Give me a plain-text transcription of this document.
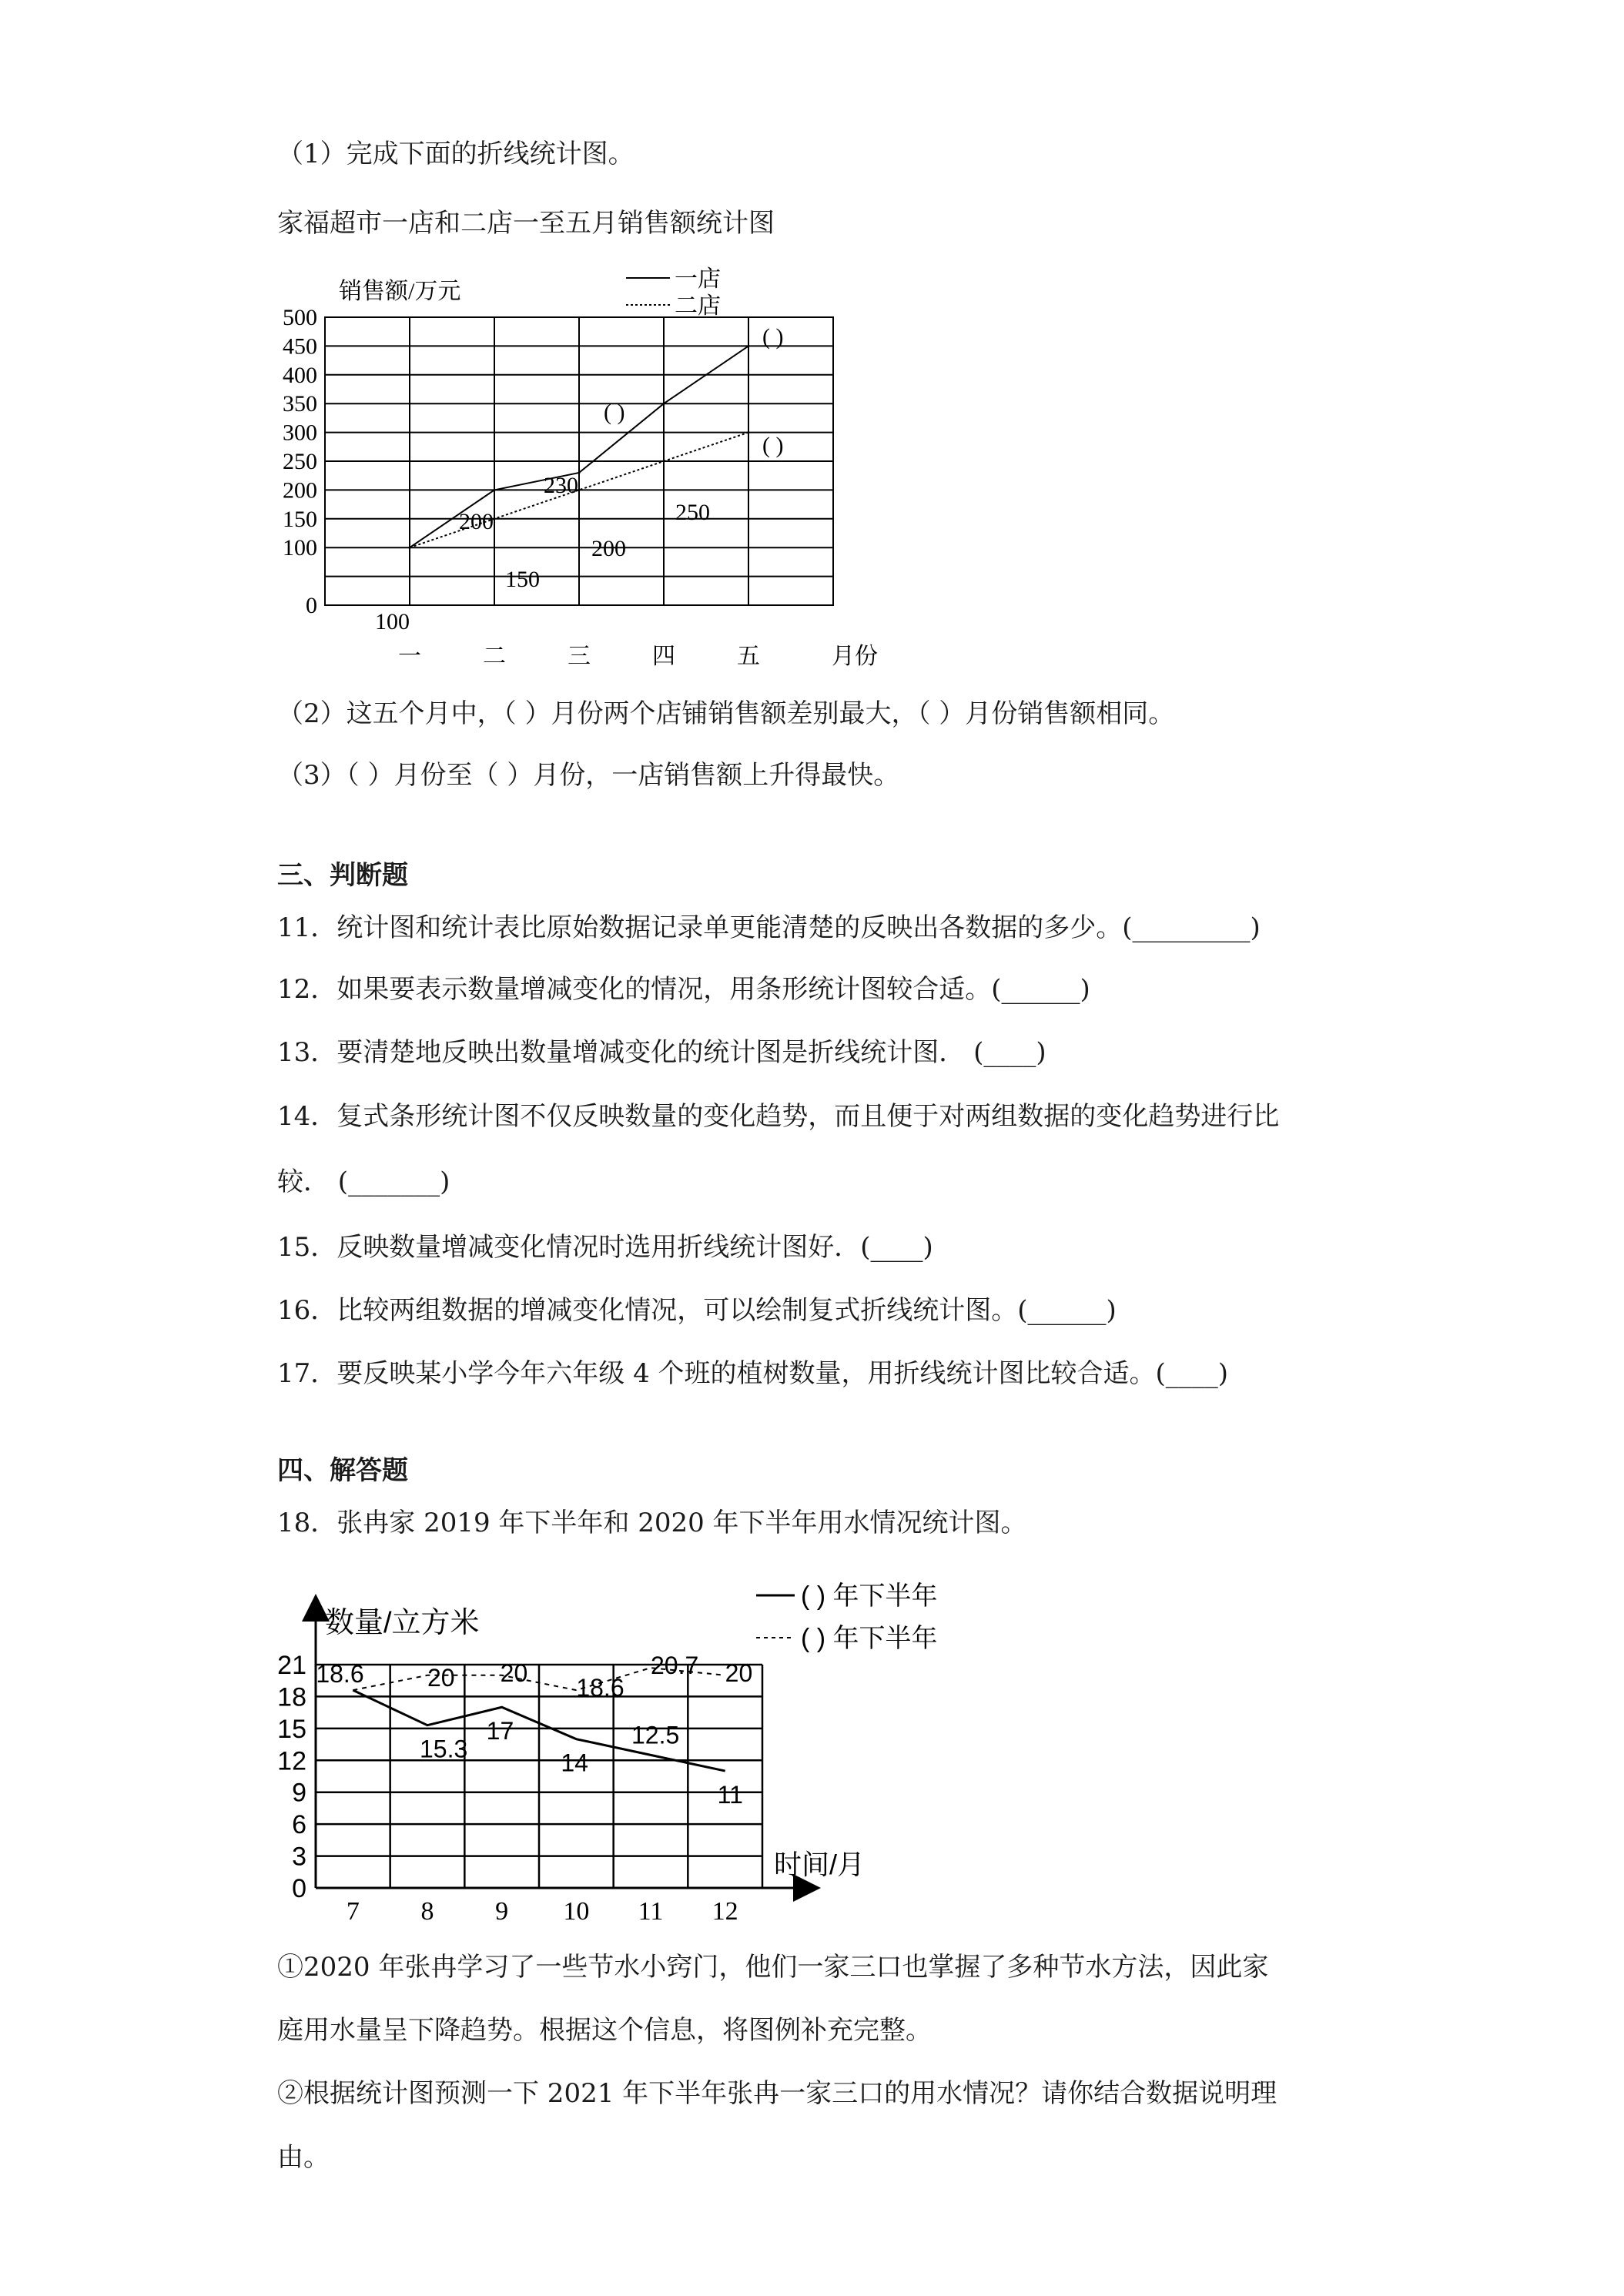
（1）完成下面的折线统计图。
家福超市一店和二店一至五月销售额统计图
销售额/万元	一店
二店
500
450
400
350
300
250
200
150
100
0
一	二	三	四	五	月份
100
200
230
150
200
250
( )
( )
( )
（2）这五个月中，（ ）月份两个店铺销售额差别最大，（ ）月份销售额相同。
（3）（ ）月份至（ ）月份，一店销售额上升得最快。
三、判断题
11．统计图和统计表比原始数据记录单更能清楚的反映出各数据的多少。(_________)
12．如果要表示数量增减变化的情况，用条形统计图较合适。(______)
13．要清楚地反映出数量增减变化的统计图是折线统计图． (____)
14．复式条形统计图不仅反映数量的变化趋势，而且便于对两组数据的变化趋势进行比
较． (_______)
15．反映数量增减变化情况时选用折线统计图好．(____)
16．比较两组数据的增减变化情况，可以绘制复式折线统计图。(______)
17．要反映某小学今年六年级 4 个班的植树数量，用折线统计图比较合适。(____)
四、解答题
18．张冉家 2019 年下半年和 2020 年下半年用水情况统计图。
数量/立方米
时间/月
( ) 年下半年
( ) 年下半年
21
18
15
12
9
6
3
0
7 8 9 10 11 12
18.6
15.3
17
14
12.5
11
20 20
18.6
20.7 20
①2020 年张冉学习了一些节水小窍门，他们一家三口也掌握了多种节水方法，因此家
庭用水量呈下降趋势。根据这个信息，将图例补充完整。
②根据统计图预测一下 2021 年下半年张冉一家三口的用水情况？请你结合数据说明理
由。
